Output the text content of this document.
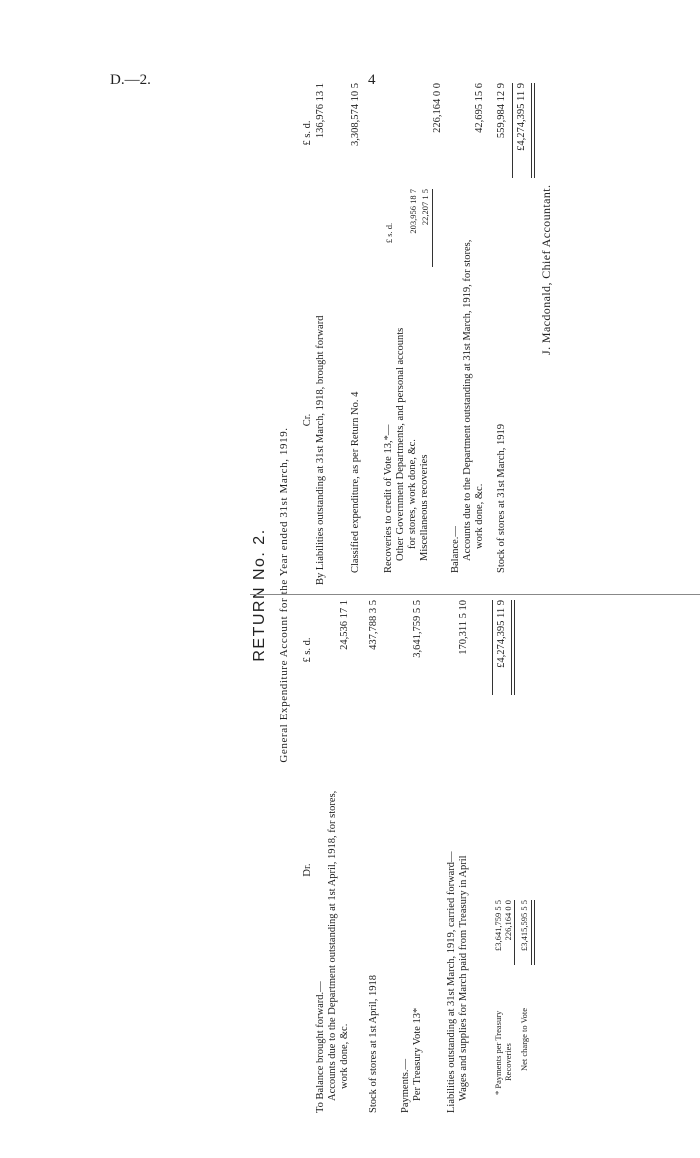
D.—2.	4
RETURN No. 2. General Expenditure Account for the Year ended 31st March, 1919.
Dr.
£ s. d.
To Balance brought forward.— Accounts due to the Department outstanding at 1st April, 1918, for stores, work done, &c.
24,536 17 1
Stock of stores at 1st April, 1918
437,788 3 5
Payments.— Per Treasury Vote 13*
3,641,759 5 5
Liabilities outstanding at 31st March, 1919, carried forward— Wages and supplies for March paid from Treasury in April
170,311 5 10	£4,274,395 11 9
* Payments per Treasury
£3,641,759 5 5
Recoveries
226,164 0 0
Net charge to Vote
£3,415,595 5 5
Cr.
£ s. d.
By Liabilities outstanding at 31st March, 1918, brought forward
136,976 13 1
Classified expenditure, as per Return No. 4
3,308,574 10 5
Recoveries to credit of Vote 13,*—
£ s. d.
Other Government Departments, and personal accounts for stores, work done, &c.
203,956 18 7
Miscellaneous recoveries
22,207 1 5
226,164 0 0
Balance.— Accounts due to the Department outstanding at 31st March, 1919, for stores, work done, &c.
42,695 15 6
Stock of stores at 31st March, 1919
559,984 12 9 £4,274,395 11 9
J. Macdonald, Chief Accountant.
